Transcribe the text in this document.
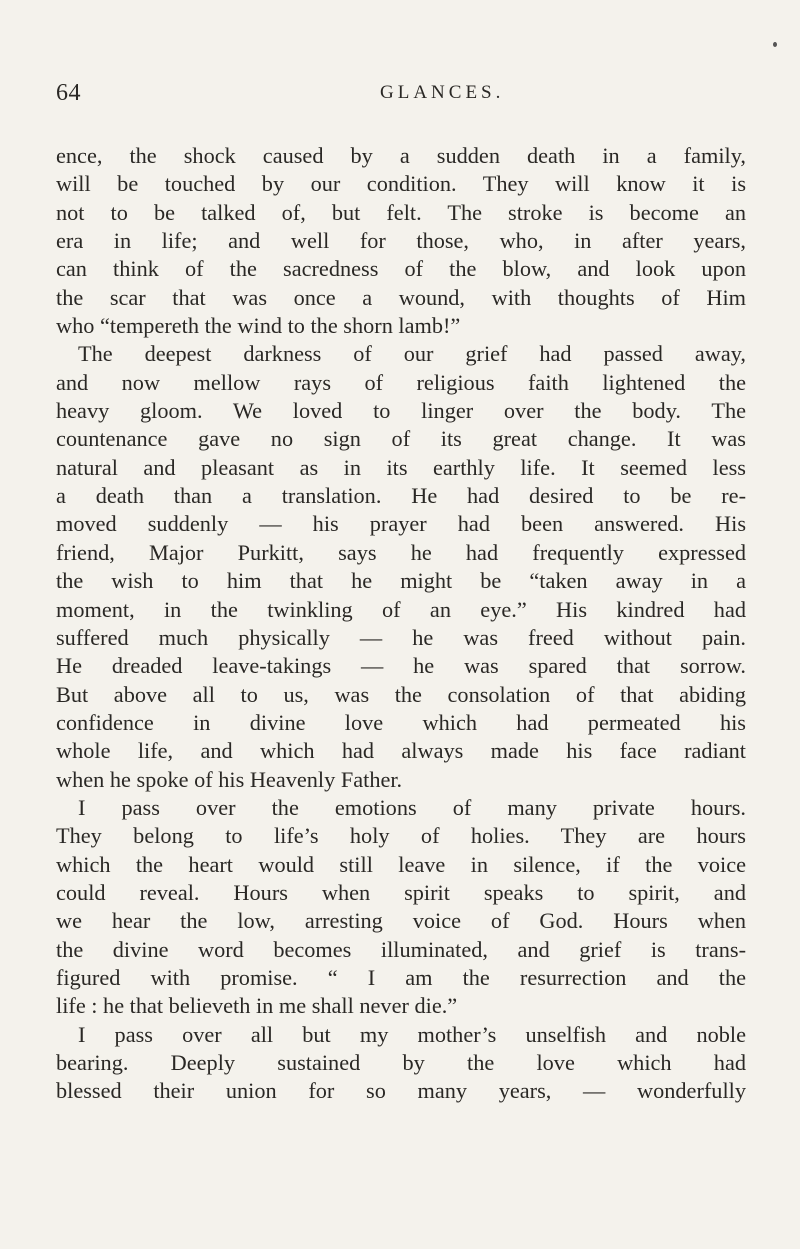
64	GLANCES.
ence, the shock caused by a sudden death in a family,
will be touched by our condition. They will know it is
not to be talked of, but felt. The stroke is become an
era in life; and well for those, who, in after years,
can think of the sacredness of the blow, and look upon
the scar that was once a wound, with thoughts of Him
who “tempereth the wind to the shorn lamb!”
The deepest darkness of our grief had passed away,
and now mellow rays of religious faith lightened the
heavy gloom. We loved to linger over the body. The
countenance gave no sign of its great change. It was
natural and pleasant as in its earthly life. It seemed less
a death than a translation. He had desired to be re-
moved suddenly — his prayer had been answered. His
friend, Major Purkitt, says he had frequently expressed
the wish to him that he might be “taken away in a
moment, in the twinkling of an eye.” His kindred had
suffered much physically — he was freed without pain.
He dreaded leave-takings — he was spared that sorrow.
But above all to us, was the consolation of that abiding
confidence in divine love which had permeated his
whole life, and which had always made his face radiant
when he spoke of his Heavenly Father.
I pass over the emotions of many private hours.
They belong to life’s holy of holies. They are hours
which the heart would still leave in silence, if the voice
could reveal. Hours when spirit speaks to spirit, and
we hear the low, arresting voice of God. Hours when
the divine word becomes illuminated, and grief is trans-
figured with promise. “ I am the resurrection and the
life : he that believeth in me shall never die.”
I pass over all but my mother’s unselfish and noble
bearing. Deeply sustained by the love which had
blessed their union for so many years, — wonderfully
